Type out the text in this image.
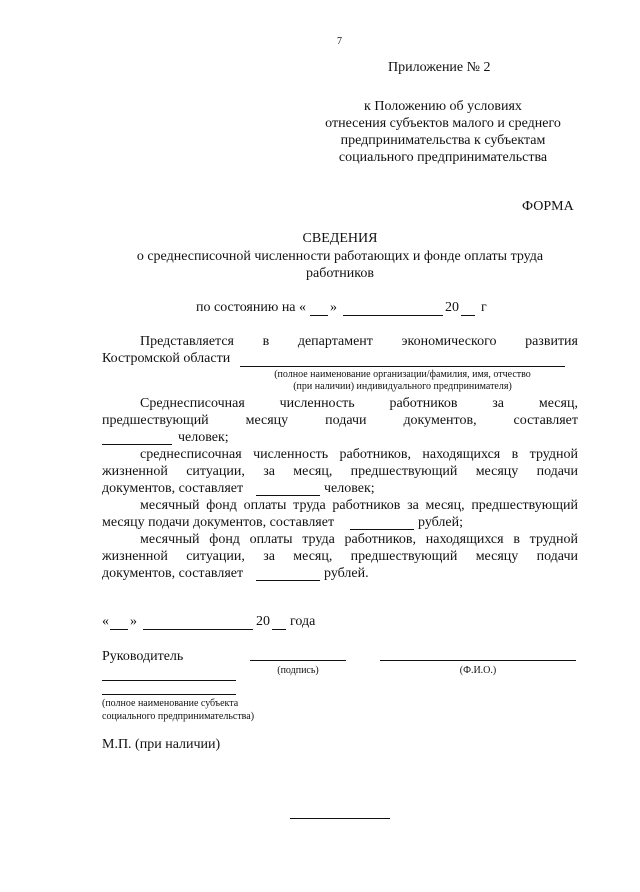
7
Приложение № 2
к Положению об условиях
отнесения субъектов малого и среднего
предпринимательства к субъектам
социального предпринимательства
ФОРМА
СВЕДЕНИЯ
о среднесписочной численности работающих и фонде оплаты труда
работников
по состоянию на « »	20 г
Представляется в департамент экономического развития
Костромской области
(полное наименование организации/фамилия, имя, отчество
(при наличии) индивидуального предпринимателя)
Среднесписочная численность работников за месяц,
предшествующий	месяцу	подачи	документов,	составляет
человек;
среднесписочная численность работников, находящихся в трудной
жизненной ситуации, за месяц, предшествующий месяцу подачи
документов, составляет	человек;
месячный фонд оплаты труда работников за месяц, предшествующий
месяцу подачи документов, составляет	рублей;
месячный фонд оплаты труда работников, находящихся в трудной
жизненной ситуации, за месяц, предшествующий месяцу подачи
документов, составляет	рублей.
« »	20 года
Руководитель
(подпись)	(Ф.И.О.)
(полное наименование субъекта
социального предпринимательства)
М.П. (при наличии)
